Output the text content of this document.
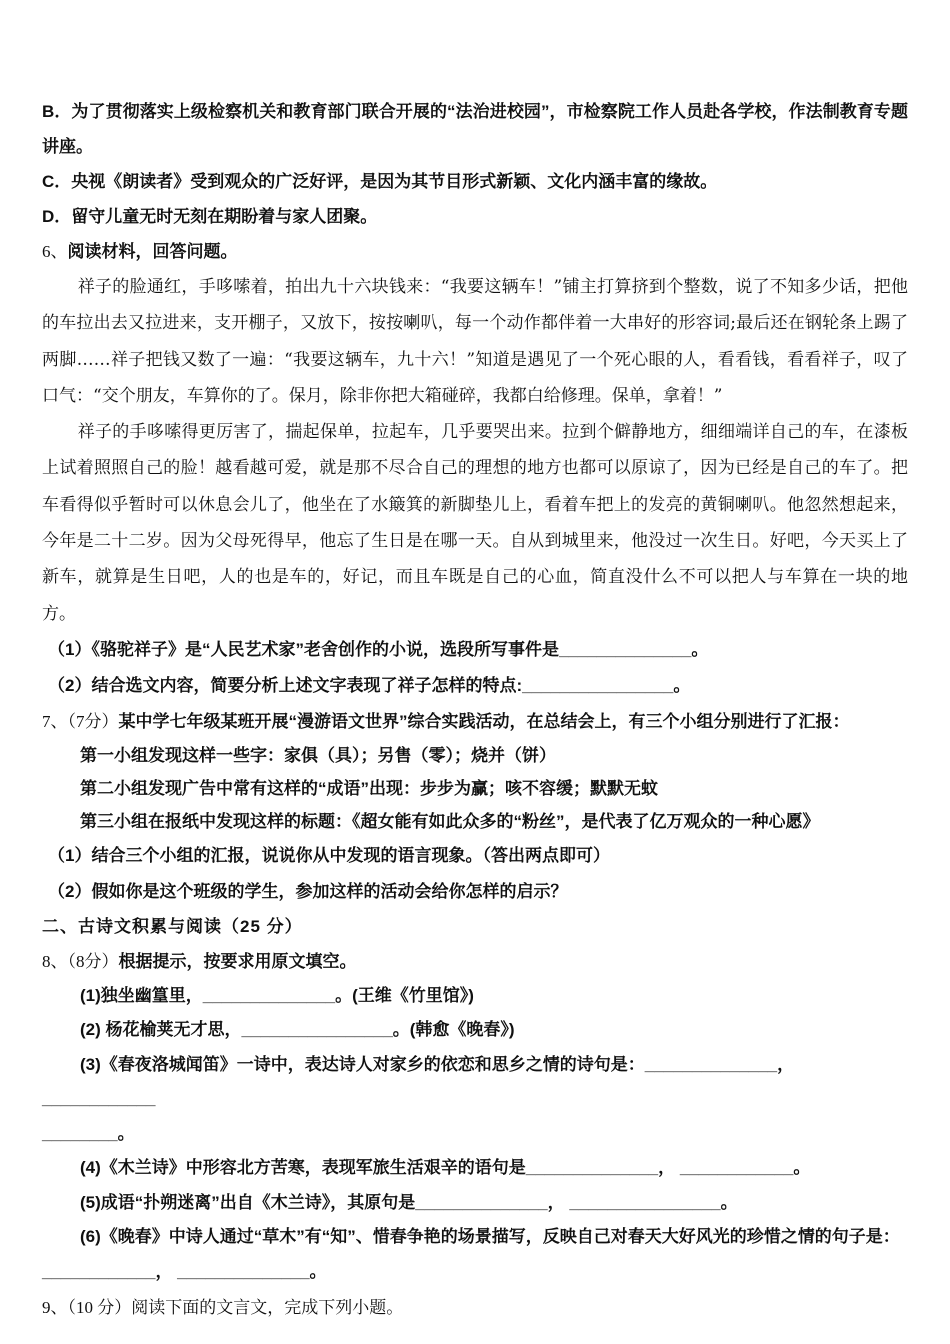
B．为了贯彻落实上级检察机关和教育部门联合开展的“法治进校园”，市检察院工作人员赴各学校，作法制教育专题讲座。

C．央视《朗读者》受到观众的广泛好评，是因为其节目形式新颖、文化内涵丰富的缘故。

D．留守儿童无时无刻在期盼着与家人团聚。

6、阅读材料，回答问题。

祥子的脸通红，手哆嗦着，拍出九十六块钱来：“我要这辆车！”铺主打算挤到个整数，说了不知多少话，把他的车拉出去又拉进来，支开棚子，又放下，按按喇叭，每一个动作都伴着一大串好的形容词;最后还在钢轮条上踢了两脚……祥子把钱又数了一遍：“我要这辆车，九十六！”知道是遇见了一个死心眼的人，看看钱，看看祥子，叹了口气：“交个朋友，车算你的了。保月，除非你把大箱碰碎，我都白给修理。保单，拿着！”

祥子的手哆嗦得更厉害了，揣起保单，拉起车，几乎要哭出来。拉到个僻静地方，细细端详自己的车，在漆板上试着照照自己的脸！越看越可爱，就是那不尽合自己的理想的地方也都可以原谅了，因为已经是自己的车了。把车看得似乎暂时可以休息会儿了，他坐在了水簸箕的新脚垫儿上，看着车把上的发亮的黄铜喇叭。他忽然想起来，今年是二十二岁。因为父母死得早，他忘了生日是在哪一天。自从到城里来，他没过一次生日。好吧，今天买上了新车，就算是生日吧，人的也是车的，好记，而且车既是自己的心血，简直没什么不可以把人与车算在一块的地方。

（1）《骆驼祥子》是“人民艺术家”老舍创作的小说，选段所写事件是______________。

（2）结合选文内容，简要分析上述文字表现了祥子怎样的特点:________________。

7、（7分）某中学七年级某班开展“漫游语文世界”综合实践活动，在总结会上，有三个小组分别进行了汇报：

第一小组发现这样一些字：家俱（具）；另售（零）；烧并（饼）

第二小组发现广告中常有这样的“成语”出现：步步为赢；咳不容缓；默默无蚊

第三小组在报纸中发现这样的标题：《超女能有如此众多的“粉丝”，是代表了亿万观众的一种心愿》

（1）结合三个小组的汇报，说说你从中发现的语言现象。（答出两点即可）

（2）假如你是这个班级的学生，参加这样的活动会给你怎样的启示？

二、古诗文积累与阅读（25 分）

8、（8分）根据提示，按要求用原文填空。

(1)独坐幽篁里，______________。(王维《竹里馆》)

(2) 杨花榆荚无才思，________________。(韩愈《晚春》)

(3)《春夜洛城闻笛》一诗中，表达诗人对家乡的依恋和思乡之情的诗句是：______________， ____________

________。

(4)《木兰诗》中形容北方苦寒，表现军旅生活艰辛的语句是______________， ____________。

(5)成语“扑朔迷离”出自《木兰诗》，其原句是______________， ________________。

(6)《晚春》中诗人通过“草木”有“知”、惜春争艳的场景描写，反映自己对春天大好风光的珍惜之情的句子是：

____________， ______________。

9、（10 分）阅读下面的文言文，完成下列小题。
